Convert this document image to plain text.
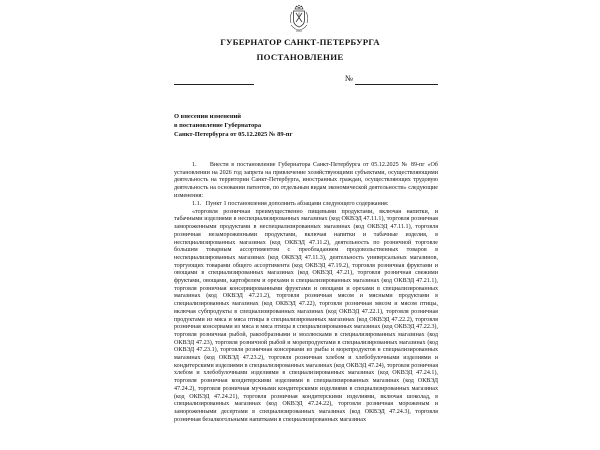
ГУБЕРНАТОР САНКТ-ПЕТЕРБУРГА
ПОСТАНОВЛЕНИЕ
№
О внесении изменений
в постановление Губернатора
Санкт-Петербурга от 05.12.2025 № 89-пг

1.     Внести в постановление Губернатора Санкт-Петербурга от 05.12.2025 № 89-пг «Об установлении на 2026 год запрета на привлечение хозяйствующими субъектами, осуществляющими деятельность на территории Санкт-Петербурга, иностранных граждан, осуществляющих трудовую деятельность на основании патентов, по отдельным видам экономической деятельности» следующие изменения:

1.1.   Пункт 1 постановления дополнить абзацами следующего содержания:

«торговля розничная преимущественно пищевыми продуктами, включая напитки, и табачными изделиями в неспециализированных магазинах (код ОКВЭД 47.11.1), торговля розничная замороженными продуктами в неспециализированных магазинах (код ОКВЭД 47.11.1), торговля розничная незамороженными продуктами, включая напитки и табачные изделия, в неспециализированных магазинах (код ОКВЭД 47.11.2), деятельность по розничной торговле большим товарным ассортиментом с преобладанием продовольственных товаров в неспециализированных магазинах (код ОКВЭД 47.11.3), деятельность универсальных магазинов, торгующих товарами общего ассортимента (код ОКВЭД 47.19.2), торговля розничная фруктами и овощами в специализированных магазинах (код ОКВЭД 47.21), торговля розничная свежими фруктами, овощами, картофелем и орехами в специализированных магазинах (код ОКВЭД 47.21.1), торговля розничная консервированными фруктами и овощами и орехами в специализированных магазинах (код ОКВЭД 47.21.2), торговля розничная мясом и мясными продуктами в специализированных магазинах (код ОКВЭД 47.22), торговля розничная мясом и мясом птицы, включая субпродукты в специализированных магазинах (код ОКВЭД 47.22.1), торговля розничная продуктами из мяса и мяса птицы в специализированных магазинах (код ОКВЭД 47.22.2), торговля розничная консервами из мяса и мяса птицы в специализированных магазинах (код ОКВЭД 47.22.3), торговля розничная рыбой, ракообразными и моллюсками в специализированных магазинах (код ОКВЭД 47.23), торговля розничной рыбой и морепродуктами в специализированных магазинах (код ОКВЭД 47.23.1), торговля розничная консервами из рыбы и морепродуктов в специализированных магазинах (код ОКВЭД 47.23.2), торговля розничная хлебом и хлебобулочными изделиями и кондитерскими изделиями в специализированных магазинах (код ОКВЭД 47.24), торговля розничная хлебом и хлебобулочными изделиями в специализированных магазинах (код ОКВЭД 47.24.1), торговля розничная кондитерскими изделиями в специализированных магазинах (код ОКВЭД 47.24.2), торговля розничная мучными кондитерскими изделиями в специализированных магазинах (код ОКВЭД 47.24.21), торговля розничная кондитерскими изделиями, включая шоколад, в специализированных магазинах (код ОКВЭД 47.24.22), торговля розничная мороженым и замороженными десертами в специализированных магазинах (код ОКВЭД 47.24.3), торговля розничная безалкогольными напитками в специализированных магазинах
